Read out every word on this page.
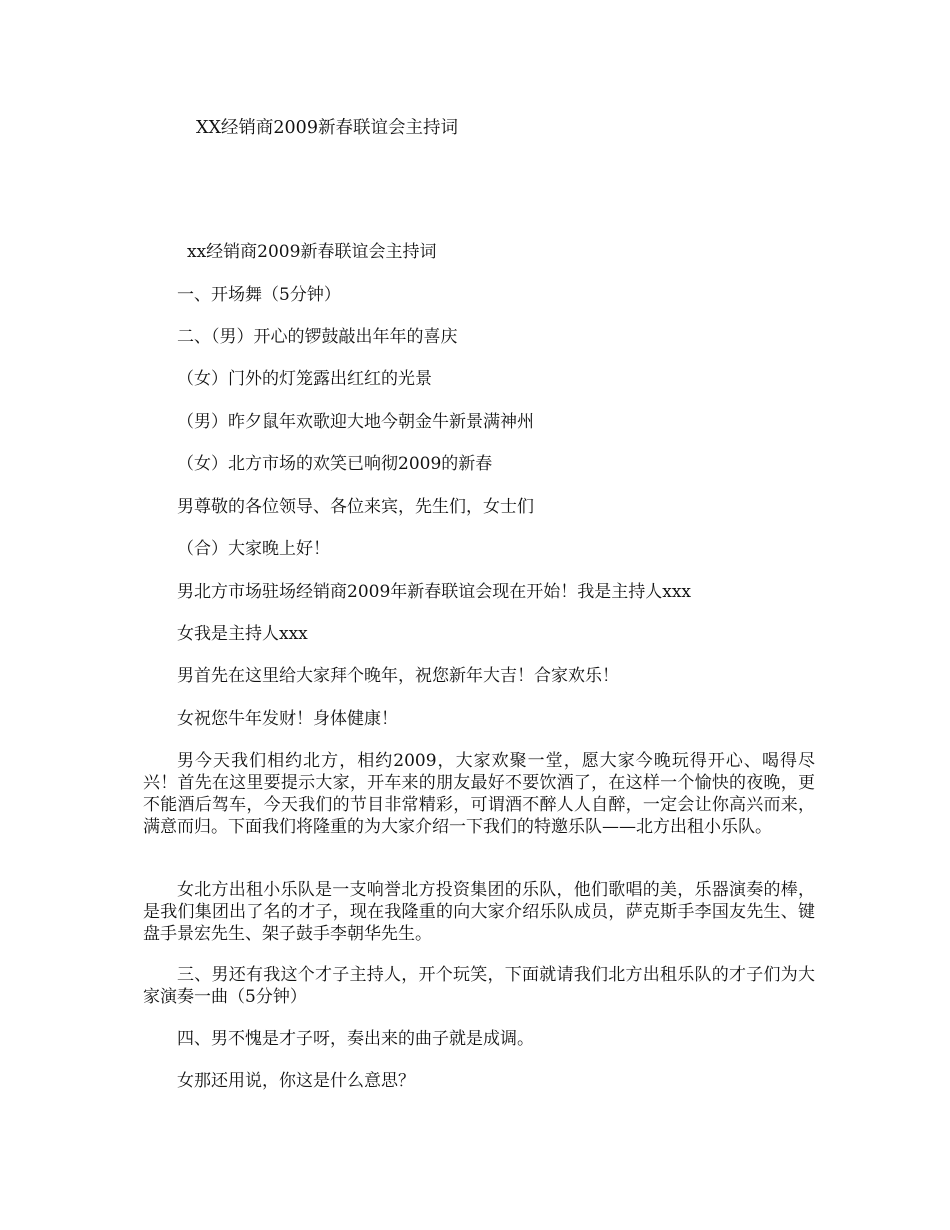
XX经销商2009新春联谊会主持词

xx经销商2009新春联谊会主持词

一、开场舞（5分钟）

二、（男）开心的锣鼓敲出年年的喜庆

（女）门外的灯笼露出红红的光景

（男）昨夕鼠年欢歌迎大地今朝金牛新景满神州

（女）北方市场的欢笑已响彻2009的新春

男尊敬的各位领导、各位来宾，先生们，女士们

（合）大家晚上好！

男北方市场驻场经销商2009年新春联谊会现在开始！我是主持人xxx

女我是主持人xxx

男首先在这里给大家拜个晚年，祝您新年大吉！合家欢乐！

女祝您牛年发财！身体健康！

男今天我们相约北方，相约2009，大家欢聚一堂，愿大家今晚玩得开心、喝得尽兴！首先在这里要提示大家，开车来的朋友最好不要饮酒了，在这样一个愉快的夜晚，更不能酒后驾车，今天我们的节目非常精彩，可谓酒不醉人人自醉，一定会让你高兴而来，满意而归。下面我们将隆重的为大家介绍一下我们的特邀乐队——北方出租小乐队。

女北方出租小乐队是一支响誉北方投资集团的乐队，他们歌唱的美，乐器演奏的棒，是我们集团出了名的才子，现在我隆重的向大家介绍乐队成员，萨克斯手李国友先生、键盘手景宏先生、架子鼓手李朝华先生。

三、男还有我这个才子主持人，开个玩笑，下面就请我们北方出租乐队的才子们为大家演奏一曲（5分钟）

四、男不愧是才子呀，奏出来的曲子就是成调。

女那还用说，你这是什么意思？
